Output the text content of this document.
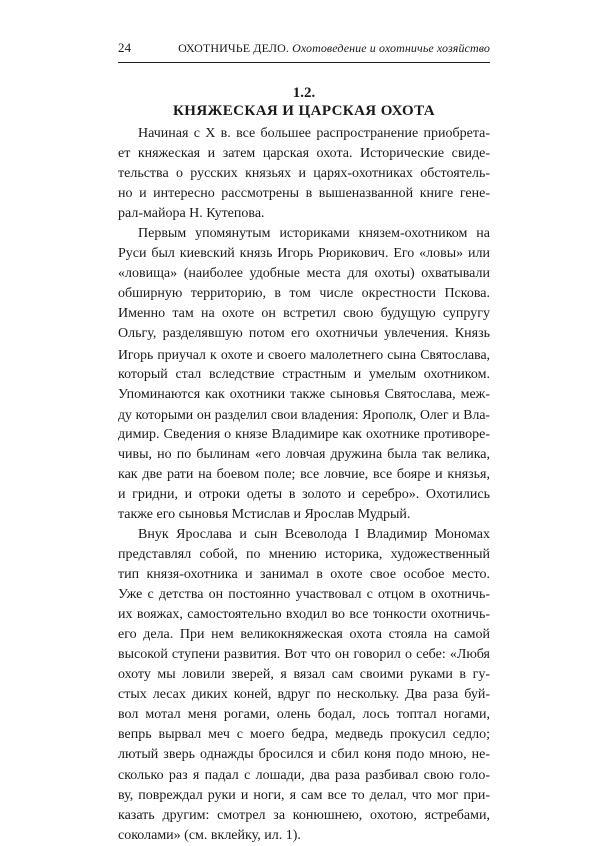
24	ОХОТНИЧЬЕ ДЕЛО. Охотоведение и охотничье хозяйство
1.2.
КНЯЖЕСКАЯ И ЦАРСКАЯ ОХОТА
Начиная с X в. все большее распространение приобрета-
ет княжеская и затем царская охота. Исторические свиде-
тельства о русских князьях и царях-охотниках обстоятель-
но и интересно рассмотрены в вышеназванной книге гене-
рал-майора Н. Кутепова.
Первым упомянутым историками князем-охотником на
Руси был киевский князь Игорь Рюрикович. Его «ловы» или
«ловища» (наиболее удобные места для охоты) охватывали
обширную территорию, в том числе окрестности Пскова.
Именно там на охоте он встретил свою будущую супругу
Ольгу, разделявшую потом его охотничьи увлечения. Князь
Игорь приучал к охоте и своего малолетнего сына Святослава,
который стал вследствие страстным и умелым охотником.
Упоминаются как охотники также сыновья Святослава, меж-
ду которыми он разделил свои владения: Ярополк, Олег и Вла-
димир. Сведения о князе Владимире как охотнике противоре-
чивы, но по былинам «его ловчая дружина была так велика,
как две рати на боевом поле; все ловчие, все бояре и князья,
и гридни, и отроки одеты в золото и серебро». Охотились
также его сыновья Мстислав и Ярослав Мудрый.
Внук Ярослава и сын Всеволода I Владимир Мономах
представлял собой, по мнению историка, художественный
тип князя-охотника и занимал в охоте свое особое место.
Уже с детства он постоянно участвовал с отцом в охотничь-
их вояжах, самостоятельно входил во все тонкости охотничь-
его дела. При нем великокняжеская охота стояла на самой
высокой ступени развития. Вот что он говорил о себе: «Любя
охоту мы ловили зверей, я вязал сам своими руками в гу-
стых лесах диких коней, вдруг по нескольку. Два раза буй-
вол мотал меня рогами, олень бодал, лось топтал ногами,
вепрь вырвал меч с моего бедра, медведь прокусил седло;
лютый зверь однажды бросился и сбил коня подо мною, не-
сколько раз я падал с лошади, два раза разбивал свою голо-
ву, повреждал руки и ноги, я сам все то делал, что мог при-
казать другим: смотрел за конюшнею, охотою, ястребами,
соколами» (см. вклейку, ил. 1).
